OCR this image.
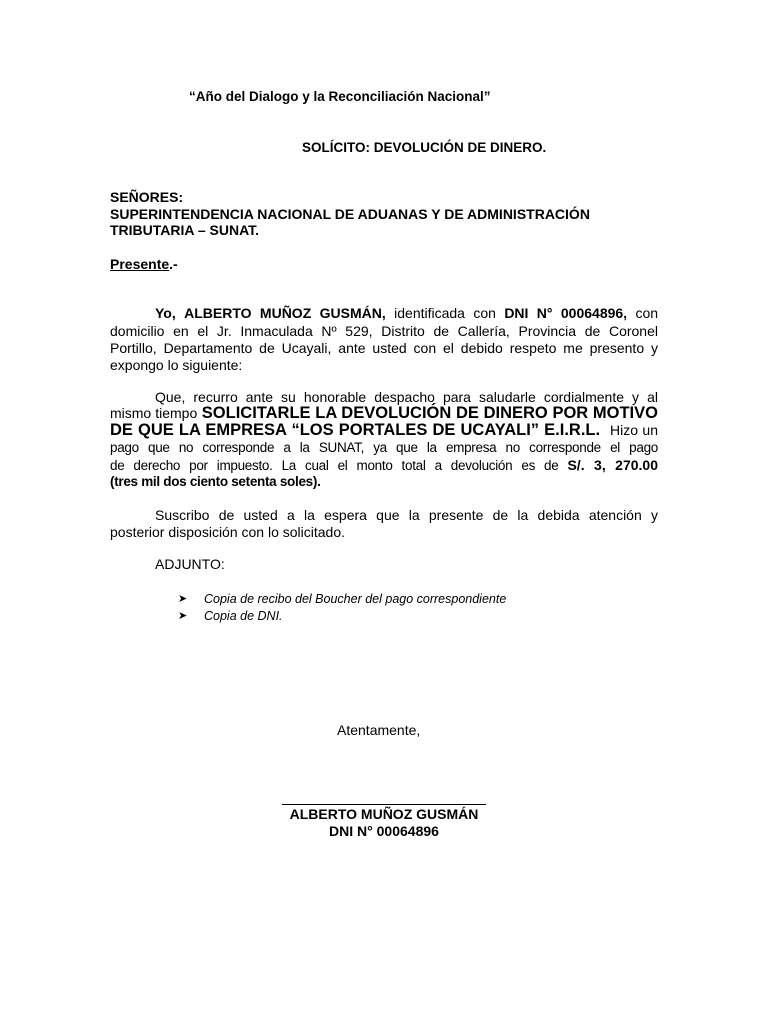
“Año del Dialogo y la Reconciliación Nacional”
SOLÍCITO: DEVOLUCIÓN DE DINERO.
SEÑORES:
SUPERINTENDENCIA NACIONAL DE ADUANAS Y DE ADMINISTRACIÓN
TRIBUTARIA – SUNAT.
Presente.-
Yo, ALBERTO MUÑOZ GUSMÁN, identificada con DNI N° 00064896, con
domicilio en el Jr. Inmaculada Nº 529, Distrito de Callería, Provincia de Coronel
Portillo, Departamento de Ucayali, ante usted con el debido respeto me presento y
expongo lo siguiente:
Que, recurro ante su honorable despacho para saludarle cordialmente y al
mismo tiempo SOLICITARLE LA DEVOLUCIÓN DE DINERO POR MOTIVO
DE QUE LA EMPRESA “LOS PORTALES DE UCAYALI” E.I.R.L. Hizo un
pago que no corresponde a la SUNAT, ya que la empresa no corresponde el pago
de derecho por impuesto. La cual el monto total a devolución es de S/. 3, 270.00
(tres mil dos ciento setenta soles).
Suscribo de usted a la espera que la presente de la debida atención y
posterior disposición con lo solicitado.
ADJUNTO:
➤	Copia de recibo del Boucher del pago correspondiente
➤	Copia de DNI.
Atentamente,
ALBERTO MUÑOZ GUSMÁN
DNI N° 00064896
